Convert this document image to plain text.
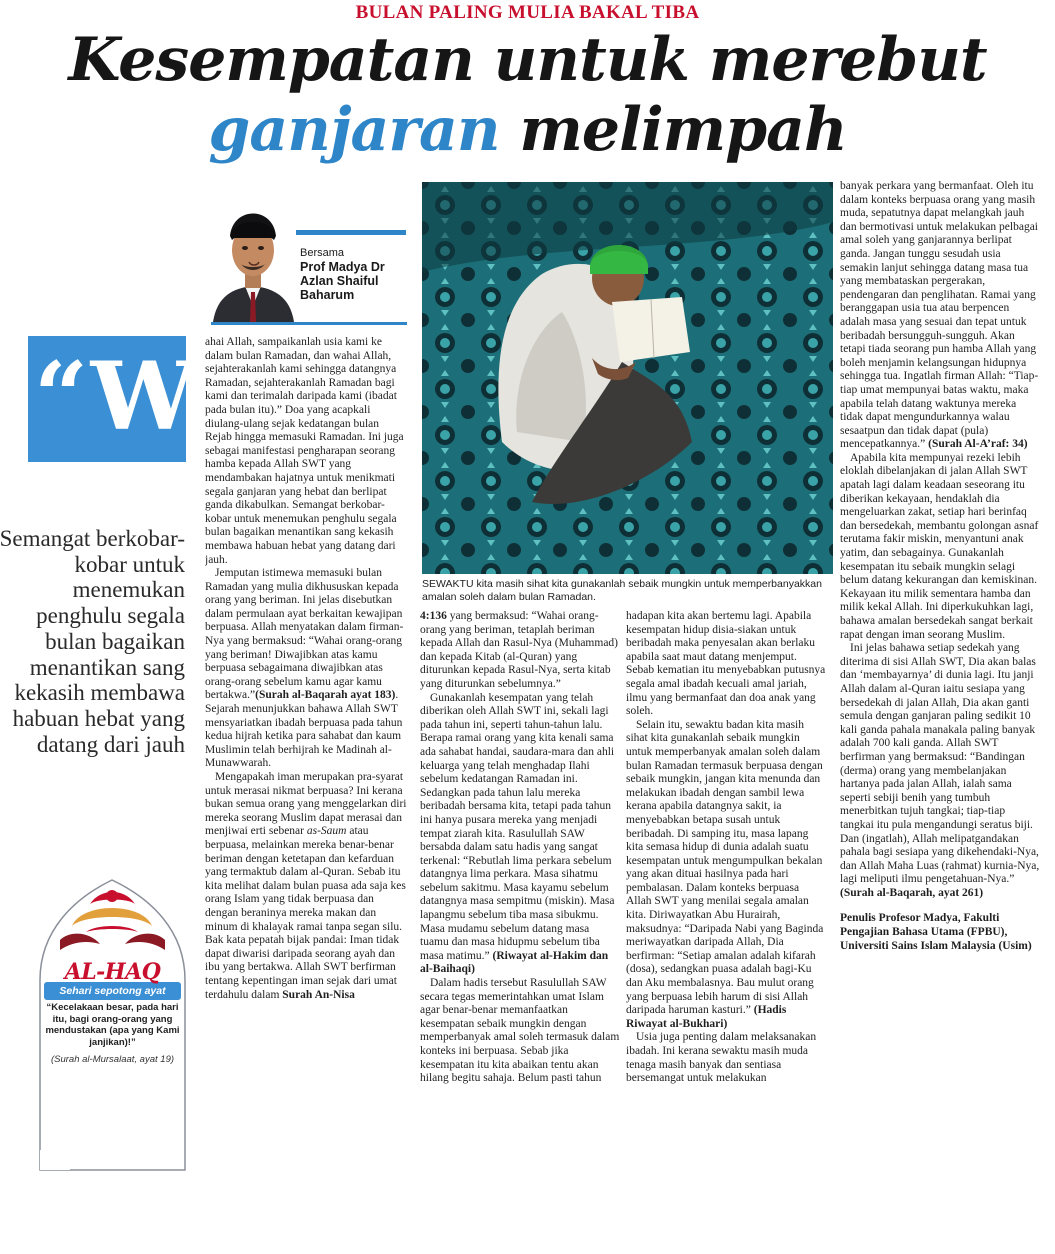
BULAN PALING MULIA BAKAL TIBA
Kesempatan untuk merebut
ganjaran melimpah
Bersama
Prof Madya Dr Azlan Shaiful Baharum
“W
Semangat berkobar-kobar untuk menemukan penghulu segala bulan bagaikan menantikan sang kekasih membawa habuan hebat yang datang dari jauh

ahai Allah, sampaikanlah usia kami ke dalam bulan Ramadan, dan wahai Allah, sejahterakanlah kami sehingga datangnya Ramadan, sejahterakanlah Ramadan bagi kami dan terimalah daripada kami (ibadat pada bulan itu).” Doa yang acapkali diulang-ulang sejak kedatangan bulan Rejab hingga memasuki Ramadan. Ini juga sebagai manifestasi pengharapan seorang hamba kepada Allah SWT yang mendambakan hajatnya untuk menikmati segala ganjaran yang hebat dan berlipat ganda dikabulkan. Semangat berkobar-kobar untuk menemukan penghulu segala bulan bagaikan menantikan sang kekasih membawa habuan hebat yang datang dari jauh.

Jemputan istimewa memasuki bulan Ramadan yang mulia dikhususkan kepada orang yang beriman. Ini jelas disebutkan dalam permulaan ayat berkaitan kewajipan berpuasa. Allah menyatakan dalam firman-Nya yang bermaksud: “Wahai orang-orang yang beriman! Diwajibkan atas kamu berpuasa sebagaimana diwajibkan atas orang-orang sebelum kamu agar kamu bertakwa.”(Surah al-Baqarah ayat 183). Sejarah menunjukkan bahawa Allah SWT mensyariatkan ibadah berpuasa pada tahun kedua hijrah ketika para sahabat dan kaum Muslimin telah berhijrah ke Madinah al-Munawwarah.

Mengapakah iman merupakan pra-syarat untuk merasai nikmat berpuasa? Ini kerana bukan semua orang yang menggelarkan diri mereka seorang Muslim dapat merasai dan menjiwai erti sebenar as-Saum atau berpuasa, melainkan mereka benar-benar beriman dengan ketetapan dan kefarduan yang termaktub dalam al-Quran. Sebab itu kita melihat dalam bulan puasa ada saja kes orang Islam yang tidak berpuasa dan dengan beraninya mereka makan dan minum di khalayak ramai tanpa segan silu. Bak kata pepatah bijak pandai: Iman tidak dapat diwarisi daripada seorang ayah dan ibu yang bertakwa. Allah SWT berfirman tentang kepentingan iman sejak dari umat terdahulu dalam Surah An-Nisa

SEWAKTU kita masih sihat kita gunakanlah sebaik mungkin untuk memperbanyakkan amalan soleh dalam bulan Ramadan.

4:136 yang bermaksud: “Wahai orang-orang yang beriman, tetaplah beriman kepada Allah dan Rasul-Nya (Muhammad) dan kepada Kitab (al-Quran) yang diturunkan kepada Rasul-Nya, serta kitab yang diturunkan sebelumnya.”

Gunakanlah kesempatan yang telah diberikan oleh Allah SWT ini, sekali lagi pada tahun ini, seperti tahun-tahun lalu. Berapa ramai orang yang kita kenali sama ada sahabat handai, saudara-mara dan ahli keluarga yang telah menghadap Ilahi sebelum kedatangan Ramadan ini. Sedangkan pada tahun lalu mereka beribadah bersama kita, tetapi pada tahun ini hanya pusara mereka yang menjadi tempat ziarah kita. Rasulullah SAW bersabda dalam satu hadis yang sangat terkenal: “Rebutlah lima perkara sebelum datangnya lima perkara. Masa sihatmu sebelum sakitmu. Masa kayamu sebelum datangnya masa sempitmu (miskin). Masa lapangmu sebelum tiba masa sibukmu. Masa mudamu sebelum datang masa tuamu dan masa hidupmu sebelum tiba masa matimu.” (Riwayat al-Hakim dan al-Baihaqi)

Dalam hadis tersebut Rasulullah SAW secara tegas memerintahkan umat Islam agar benar-benar memanfaatkan kesempatan sebaik mungkin dengan memperbanyak amal soleh termasuk dalam konteks ini berpuasa. Sebab jika kesempatan itu kita abaikan tentu akan hilang begitu sahaja. Belum pasti tahun

hadapan kita akan bertemu lagi. Apabila kesempatan hidup disia-siakan untuk beribadah maka penyesalan akan berlaku apabila saat maut datang menjemput. Sebab kematian itu menyebabkan putusnya segala amal ibadah kecuali amal jariah, ilmu yang bermanfaat dan doa anak yang soleh.

Selain itu, sewaktu badan kita masih sihat kita gunakanlah sebaik mungkin untuk memperbanyak amalan soleh dalam bulan Ramadan termasuk berpuasa dengan sebaik mungkin, jangan kita menunda dan melakukan ibadah dengan sambil lewa kerana apabila datangnya sakit, ia menyebabkan betapa susah untuk beribadah. Di samping itu, masa lapang kita semasa hidup di dunia adalah suatu kesempatan untuk mengumpulkan bekalan yang akan dituai hasilnya pada hari pembalasan. Dalam konteks berpuasa Allah SWT yang menilai segala amalan kita. Diriwayatkan Abu Hurairah, maksudnya: “Daripada Nabi yang Baginda meriwayatkan daripada Allah, Dia berfirman: “Setiap amalan adalah kifarah (dosa), sedangkan puasa adalah bagi-Ku dan Aku membalasnya. Bau mulut orang yang berpuasa lebih harum di sisi Allah daripada haruman kasturi.” (Hadis Riwayat al-Bukhari)

Usia juga penting dalam melaksanakan ibadah. Ini kerana sewaktu masih muda tenaga masih banyak dan sentiasa bersemangat untuk melakukan

banyak perkara yang bermanfaat. Oleh itu dalam konteks berpuasa orang yang masih muda, sepatutnya dapat melangkah jauh dan bermotivasi untuk melakukan pelbagai amal soleh yang ganjarannya berlipat ganda. Jangan tunggu sesudah usia semakin lanjut sehingga datang masa tua yang membataskan pergerakan, pendengaran dan penglihatan. Ramai yang beranggapan usia tua atau berpencen adalah masa yang sesuai dan tepat untuk beribadah bersungguh-sungguh. Akan tetapi tiada seorang pun hamba Allah yang boleh menjamin kelangsungan hidupnya sehingga tua. Ingatlah firman Allah: “Tiap-tiap umat mempunyai batas waktu, maka apabila telah datang waktunya mereka tidak dapat mengundurkannya walau sesaatpun dan tidak dapat (pula) mencepatkannya.” (Surah Al-A’raf: 34)

Apabila kita mempunyai rezeki lebih eloklah dibelanjakan di jalan Allah SWT apatah lagi dalam keadaan seseorang itu diberikan kekayaan, hendaklah dia mengeluarkan zakat, setiap hari berinfaq dan bersedekah, membantu golongan asnaf terutama fakir miskin, menyantuni anak yatim, dan sebagainya. Gunakanlah kesempatan itu sebaik mungkin selagi belum datang kekurangan dan kemiskinan. Kekayaan itu milik sementara hamba dan milik kekal Allah. Ini diperkukuhkan lagi, bahawa amalan bersedekah sangat berkait rapat dengan iman seorang Muslim.

Ini jelas bahawa setiap sedekah yang diterima di sisi Allah SWT, Dia akan balas dan ‘membayarnya’ di dunia lagi. Itu janji Allah dalam al-Quran iaitu sesiapa yang bersedekah di jalan Allah, Dia akan ganti semula dengan ganjaran paling sedikit 10 kali ganda pahala manakala paling banyak adalah 700 kali ganda. Allah SWT berfirman yang bermaksud: “Bandingan (derma) orang yang membelanjakan hartanya pada jalan Allah, ialah sama seperti sebiji benih yang tumbuh menerbitkan tujuh tangkai; tiap-tiap tangkai itu pula mengandungi seratus biji. Dan (ingatlah), Allah melipatgandakan pahala bagi sesiapa yang dikehendaki-Nya, dan Allah Maha Luas (rahmat) kurnia-Nya, lagi meliputi ilmu pengetahuan-Nya.” (Surah al-Baqarah, ayat 261)

Penulis Profesor Madya, Fakulti Pengajian Bahasa Utama (FPBU), Universiti Sains Islam Malaysia (Usim)

AL-HAQ
Sehari sepotong ayat
“Kecelakaan besar, pada hari itu, bagi orang-orang yang mendustakan (apa yang Kami janjikan)!”
(Surah al-Mursalaat, ayat 19)
